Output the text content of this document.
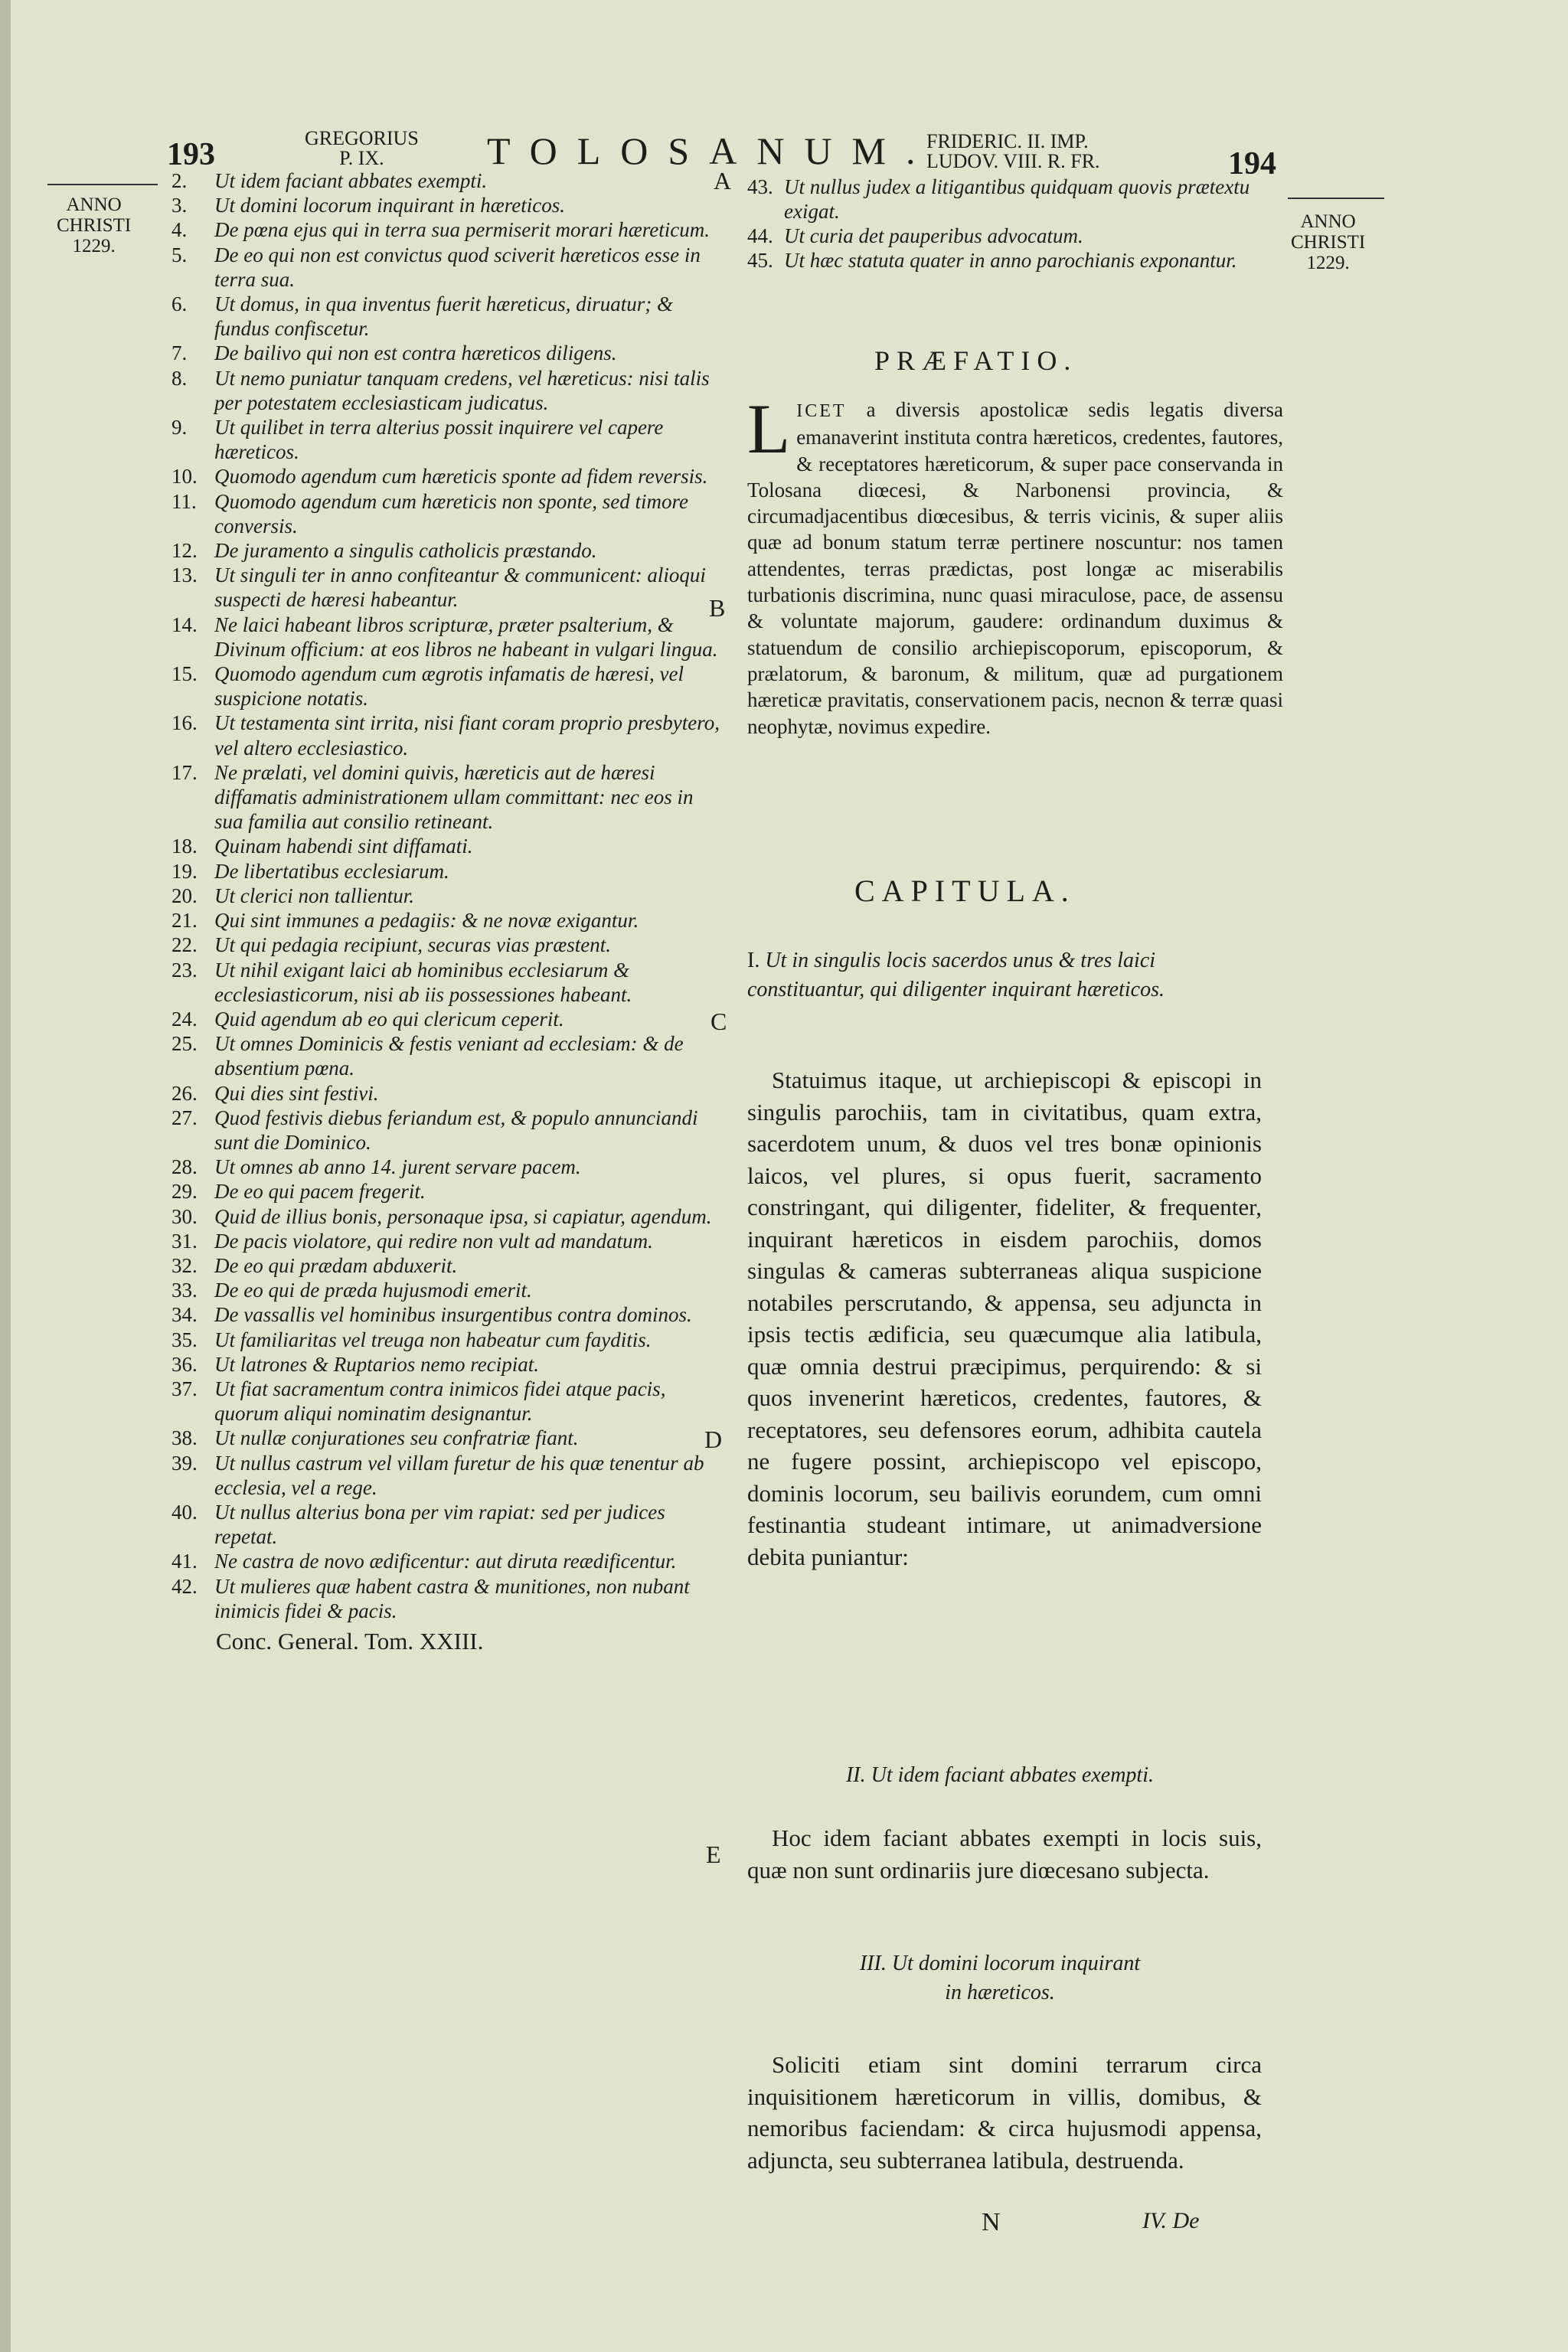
193	GREGORIUS
P. IX.	TOLOSANUM.
FRIDERIC. II. IMP.
LUDOV. VIII. R. FR.	194
ANNO
CHRISTI
1229.
ANNO
CHRISTI
1229.
A
B
C
D
E
2. Ut idem faciant abbates exempti.
3. Ut domini locorum inquirant in hæreticos.
4. De pœna ejus qui in terra sua permiserit morari hæreticum.
5. De eo qui non est convictus quod sciverit hæreticos esse in terra sua.
6. Ut domus, in qua inventus fuerit hæreticus, diruatur; & fundus confiscetur.
7. De bailivo qui non est contra hæreticos diligens.
8. Ut nemo puniatur tanquam credens, vel hæreticus: nisi talis per potestatem ecclesiasticam judicatus.
9. Ut quilibet in terra alterius possit inquirere vel capere hæreticos.
10. Quomodo agendum cum hæreticis sponte ad fidem reversis.
11. Quomodo agendum cum hæreticis non sponte, sed timore conversis.
12. De juramento a singulis catholicis præstando.
13. Ut singuli ter in anno confiteantur & communicent: alioqui suspecti de hæresi habeantur.
14. Ne laici habeant libros scripturæ, præter psalterium, & Divinum officium: at eos libros ne habeant in vulgari lingua.
15. Quomodo agendum cum ægrotis infamatis de hæresi, vel suspicione notatis.
16. Ut testamenta sint irrita, nisi fiant coram proprio presbytero, vel altero ecclesiastico.
17. Ne prælati, vel domini quivis, hæreticis aut de hæresi diffamatis administrationem ullam committant: nec eos in sua familia aut consilio retineant.
18. Quinam habendi sint diffamati.
19. De libertatibus ecclesiarum.
20. Ut clerici non tallientur.
21. Qui sint immunes a pedagiis: & ne novæ exigantur.
22. Ut qui pedagia recipiunt, securas vias præstent.
23. Ut nihil exigant laici ab hominibus ecclesiarum & ecclesiasticorum, nisi ab iis possessiones habeant.
24. Quid agendum ab eo qui clericum ceperit.
25. Ut omnes Dominicis & festis veniant ad ecclesiam: & de absentium pœna.
26. Qui dies sint festivi.
27. Quod festivis diebus feriandum est, & populo annunciandi sunt die Dominico.
28. Ut omnes ab anno 14. jurent servare pacem.
29. De eo qui pacem fregerit.
30. Quid de illius bonis, personaque ipsa, si capiatur, agendum.
31. De pacis violatore, qui redire non vult ad mandatum.
32. De eo qui prædam abduxerit.
33. De eo qui de præda hujusmodi emerit.
34. De vassallis vel hominibus insurgentibus contra dominos.
35. Ut familiaritas vel treuga non habeatur cum fayditis.
36. Ut latrones & Ruptarios nemo recipiat.
37. Ut fiat sacramentum contra inimicos fidei atque pacis, quorum aliqui nominatim designantur.
38. Ut nullæ conjurationes seu confratriæ fiant.
39. Ut nullus castrum vel villam furetur de his quæ tenentur ab ecclesia, vel a rege.
40. Ut nullus alterius bona per vim rapiat: sed per judices repetat.
41. Ne castra de novo ædificentur: aut diruta reædificentur.
42. Ut mulieres quæ habent castra & munitiones, non nubant inimicis fidei & pacis.
Conc. General. Tom. XXIII.
43. Ut nullus judex a litigantibus quidquam quovis prætextu exigat.
44. Ut curia det pauperibus advocatum.
45. Ut hæc statuta quater in anno parochianis exponantur.
PRÆFATIO.
LICET a diversis apostolicæ sedis legatis diversa emanaverint instituta contra hæreticos, credentes, fautores, & receptatores hæreticorum, & super pace conservanda in Tolosana diœcesi, & Narbonensi provincia, & circumadjacentibus diœcesibus, & terris vicinis, & super aliis quæ ad bonum statum terræ pertinere noscuntur: nos tamen attendentes, terras prædictas, post longæ ac miserabilis turbationis discrimina, nunc quasi miraculose, pace, de assensu & voluntate majorum, gaudere: ordinandum duximus & statuendum de consilio archiepiscoporum, episcoporum, & prælatorum, & baronum, & militum, quæ ad purgationem hæreticæ pravitatis, conservationem pacis, necnon & terræ quasi neophytæ, novimus expedire.
CAPITULA.
I. Ut in singulis locis sacerdos unus & tres laici constituantur, qui diligenter inquirant hæreticos.
Statuimus itaque, ut archiepiscopi & episcopi in singulis parochiis, tam in civitatibus, quam extra, sacerdotem unum, & duos vel tres bonæ opinionis laicos, vel plures, si opus fuerit, sacramento constringant, qui diligenter, fideliter, & frequenter, inquirant hæreticos in eisdem parochiis, domos singulas & cameras subterraneas aliqua suspicione notabiles perscrutando, & appensa, seu adjuncta in ipsis tectis ædificia, seu quæcumque alia latibula, quæ omnia destrui præcipimus, perquirendo: & si quos invenerint hæreticos, credentes, fautores, & receptatores, seu defensores eorum, adhibita cautela ne fugere possint, archiepiscopo vel episcopo, dominis locorum, seu bailivis eorundem, cum omni festinantia studeant intimare, ut animadversione debita puniantur:
II. Ut idem faciant abbates exempti.
Hoc idem faciant abbates exempti in locis suis, quæ non sunt ordinariis jure diœcesano subjecta.
III. Ut domini locorum inquirant
in hæreticos.
Soliciti etiam sint domini terrarum circa inquisitionem hæreticorum in villis, domibus, & nemoribus faciendam: & circa hujusmodi appensa, adjuncta, seu subterranea latibula, destruenda.
N	IV. De
